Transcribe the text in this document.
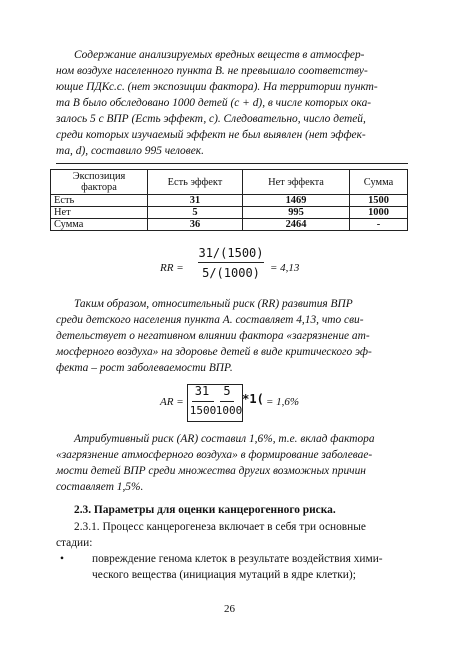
Содержание анализируемых вредных веществ в атмосфер-
ном воздухе населенного пункта В. не превышало соответству-
ющие ПДКс.с. (нет экспозиции фактора). На территории пункт-
та В было обследовано 1000 детей (с + d), в числе которых ока-
залось 5 с ВПР (Есть эффект, с). Следовательно, число детей,
среди которых изучаемый эффект не был выявлен (нет эффек-
та, d), составило 995 человек.
Экспозиция фактора	Есть эффект	Нет эффекта	Сумма
Есть	31	1469	1500
Нет	5	995	1000
Сумма	36	2464	-
RR =
31/(1500)
5/(1000) = 4,13
Таким образом, относительный риск (RR) развития ВПР
среди детского населения пункта А. составляет 4,13, что сви-
детельствует о негативном влиянии фактора «загрязнение ат-
мосферного воздуха» на здоровье детей в виде критического эф-
фекта – рост заболеваемости ВПР.
AR =
31	5
1500 1000
*1( = 1,6%
Атрибутивный риск (AR) составил 1,6%, т.е. вклад фактора
«загрязнение атмосферного воздуха» в формирование заболевае-
мости детей ВПР среди множества других возможных причин
составляет 1,5%.
2.3. Параметры для оценки канцерогенного риска.
2.3.1. Процесс канцерогенеза включает в себя три основные
стадии:
• повреждение генома клеток в результате воздействия хими-
ческого вещества (инициация мутаций в ядре клетки);
26
